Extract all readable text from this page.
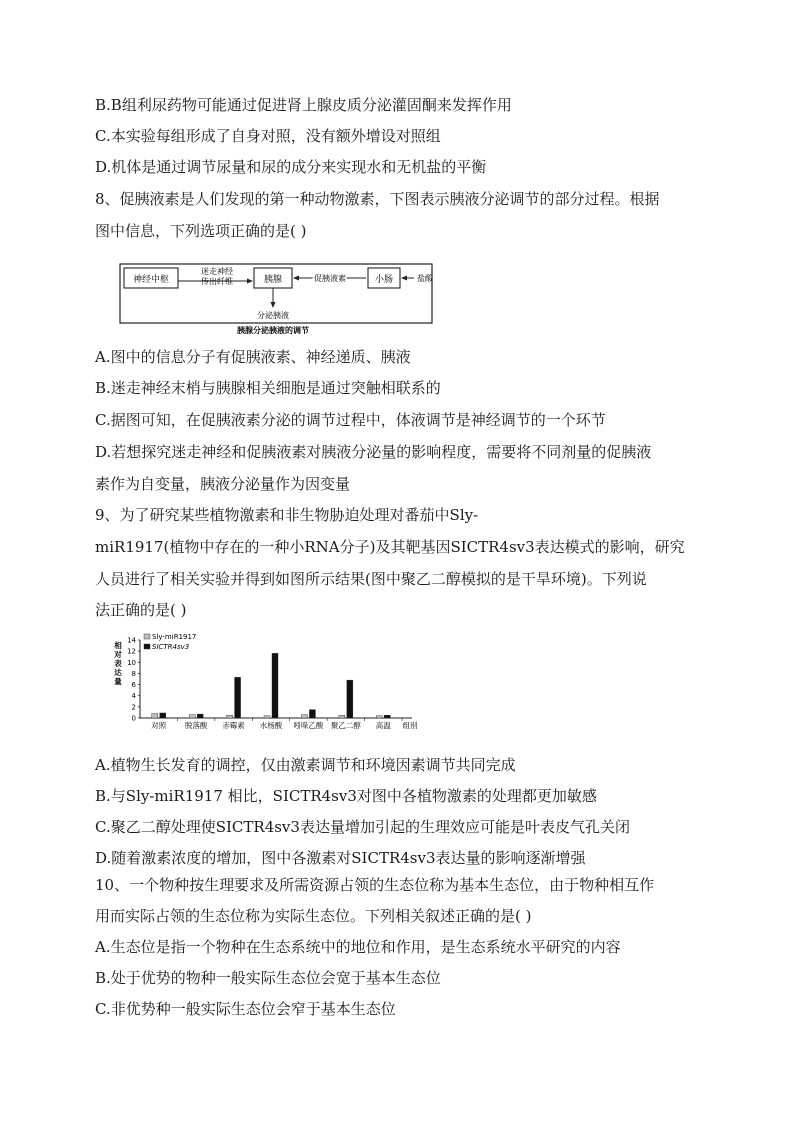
B.B组利尿药物可能通过促进肾上腺皮质分泌灌固酮来发挥作用
C.本实验每组形成了自身对照，没有额外增设对照组
D.机体是通过调节尿量和尿的成分来实现水和无机盐的平衡
8、促胰液素是人们发现的第一种动物激素，下图表示胰液分泌调节的部分过程。根据
图中信息，下列选项正确的是( )
A.图中的信息分子有促胰液素、神经递质、胰液
B.迷走神经末梢与胰腺相关细胞是通过突触相联系的
C.据图可知，在促胰液素分泌的调节过程中，体液调节是神经调节的一个环节
D.若想探究迷走神经和促胰液素对胰液分泌量的影响程度，需要将不同剂量的促胰液
素作为自变量，胰液分泌量作为因变量
9、为了研究某些植物激素和非生物胁迫处理对番茄中Sly-
miR1917(植物中存在的一种小RNA分子)及其靶基因SICTR4sv3表达模式的影响，研究
人员进行了相关实验并得到如图所示结果(图中聚乙二醇模拟的是干旱环境)。下列说
法正确的是( )
A.植物生长发育的调控，仅由激素调节和环境因素调节共同完成
B.与Sly-miR1917 相比，SICTR4sv3对图中各植物激素的处理都更加敏感
C.聚乙二醇处理使SICTR4sv3表达量增加引起的生理效应可能是叶表皮气孔关闭
D.随着激素浓度的增加，图中各激素对SICTR4sv3表达量的影响逐渐增强
10、一个物种按生理要求及所需资源占领的生态位称为基本生态位，由于物种相互作
用而实际占领的生态位称为实际生态位。下列相关叙述正确的是( )
A.生态位是指一个物种在生态系统中的地位和作用，是生态系统水平研究的内容
B.处于优势的物种一般实际生态位会宽于基本生态位
C.非优势种一般实际生态位会窄于基本生态位
神经中枢
迷走神经
传出纤维	胰腺	促胰液素	小肠	盐酸
分泌胰液
胰腺分泌胰液的调节
0
2
4
6
8
10
12
14
相
对
表
达
量
对照 脱落酸 赤霉素 水杨酸 吲哚乙酸 聚乙二醇 高温 组别
Sly-miR1917
SICTR4sv3
